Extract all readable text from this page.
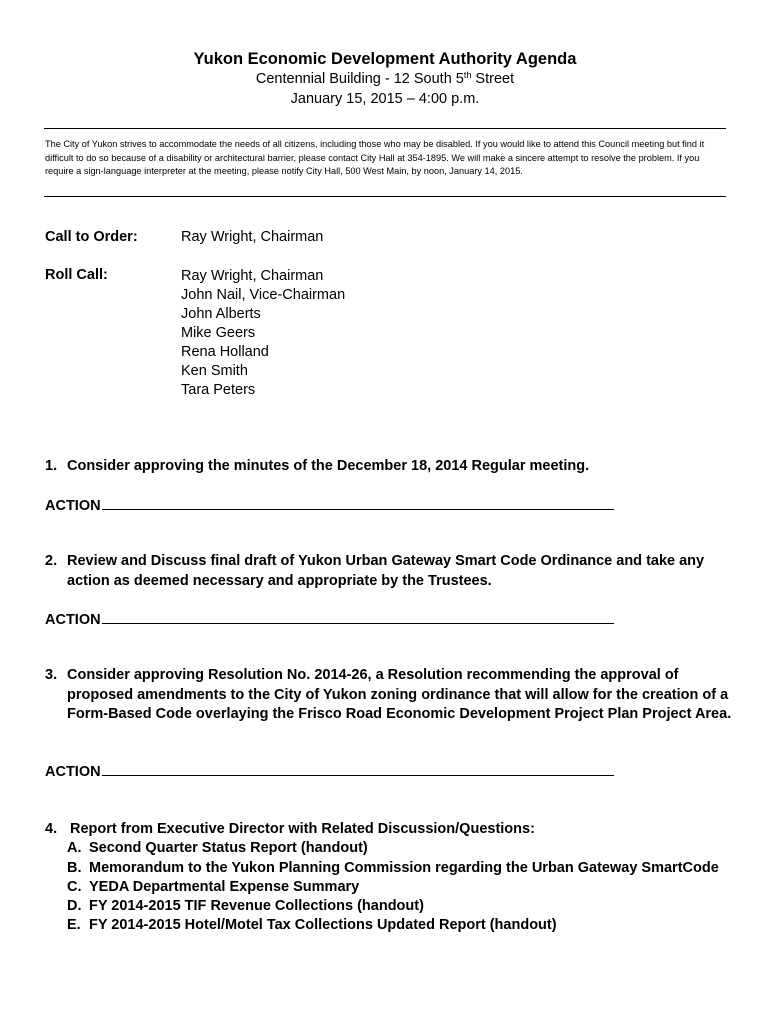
Yukon Economic Development Authority Agenda
Centennial Building - 12 South 5th Street
January 15, 2015 – 4:00 p.m.
The City of Yukon strives to accommodate the needs of all citizens, including those who may be disabled. If you would like to attend this Council meeting but find it difficult to do so because of a disability or architectural barrier, please contact City Hall at 354-1895. We will make a sincere attempt to resolve the problem. If you require a sign-language interpreter at the meeting, please notify City Hall, 500 West Main, by noon, January 14, 2015.
Call to Order:	Ray Wright, Chairman
Roll Call:	Ray Wright, Chairman
John Nail, Vice-Chairman
John Alberts
Mike Geers
Rena Holland
Ken Smith
Tara Peters
1. Consider approving the minutes of the December 18, 2014 Regular meeting.
ACTION
2. Review and Discuss final draft of Yukon Urban Gateway Smart Code Ordinance and take any action as deemed necessary and appropriate by the Trustees.
ACTION
3. Consider approving Resolution No. 2014-26, a Resolution recommending the approval of proposed amendments to the City of Yukon zoning ordinance that will allow for the creation of a Form-Based Code overlaying the Frisco Road Economic Development Project Plan Project Area.
ACTION
4. Report from Executive Director with Related Discussion/Questions:
A. Second Quarter Status Report (handout)
B. Memorandum to the Yukon Planning Commission regarding the Urban Gateway SmartCode
C. YEDA Departmental Expense Summary
D. FY 2014-2015 TIF Revenue Collections (handout)
E. FY 2014-2015 Hotel/Motel Tax Collections Updated Report (handout)
